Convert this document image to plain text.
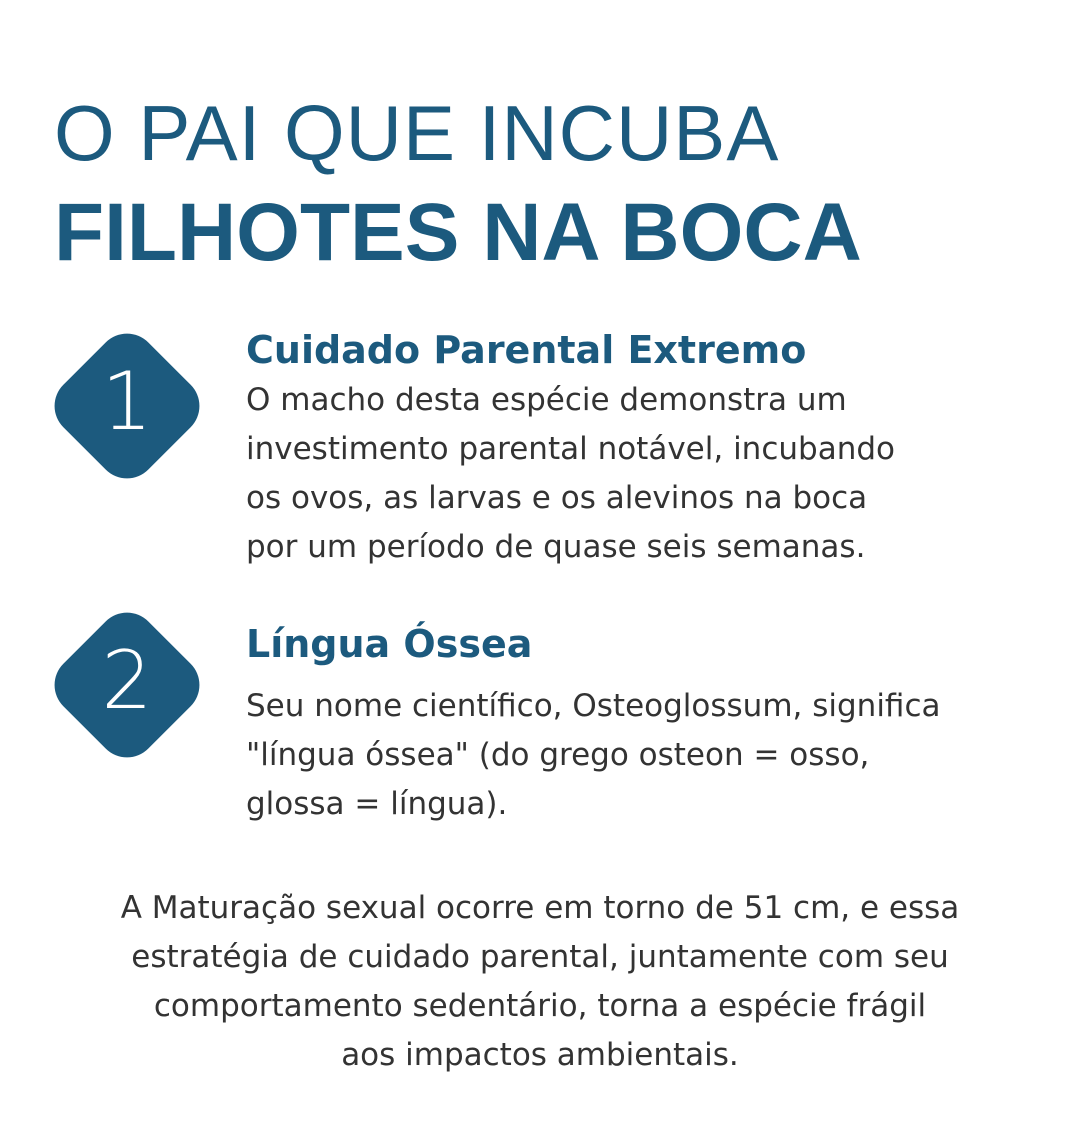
O PAI QUE INCUBA
FILHOTES NA BOCA
1
Cuidado Parental Extremo

O macho desta espécie demonstra um
investimento parental notável, incubando
os ovos, as larvas e os alevinos na boca
por um período de quase seis semanas.

2	Língua Óssea

Seu nome científico, Osteoglossum, significa
"língua óssea" (do grego osteon = osso,
glossa = língua).

A Maturação sexual ocorre em torno de 51 cm, e essa
estratégia de cuidado parental, juntamente com seu
comportamento sedentário, torna a espécie frágil
aos impactos ambientais.
